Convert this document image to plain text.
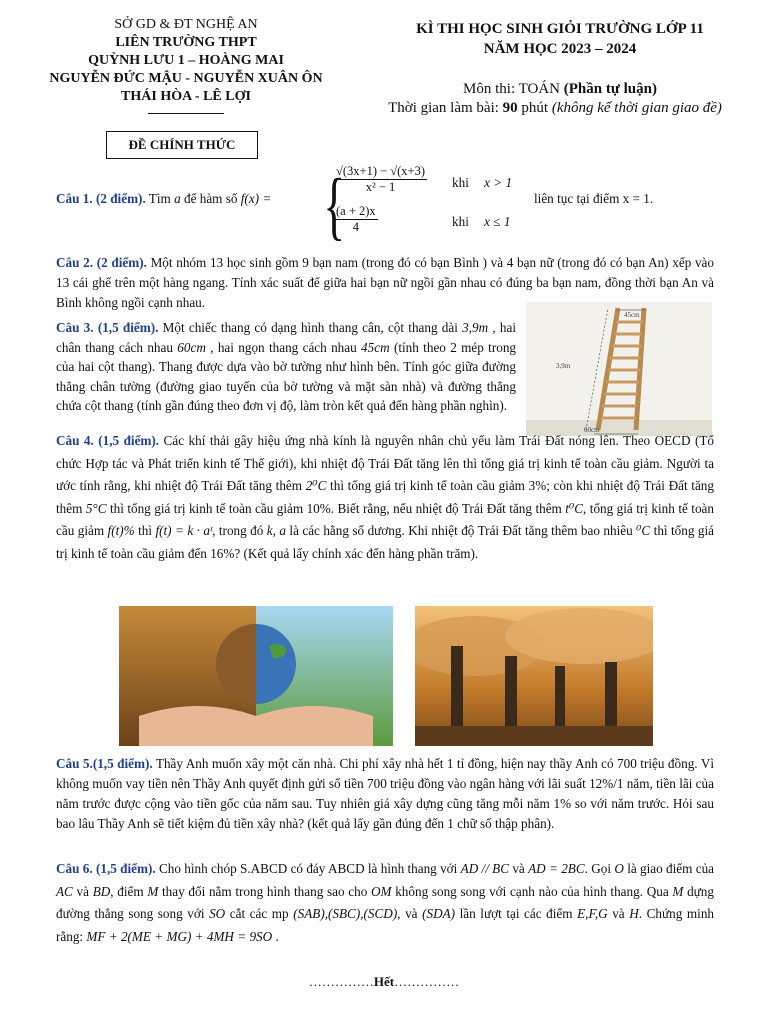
SỞ GD & ĐT NGHỆ AN
LIÊN TRƯỜNG THPT
QUỲNH LƯU 1 – HOÀNG MAI
NGUYỄN ĐỨC MẬU - NGUYỄN XUÂN ÔN
THÁI HÒA - LÊ LỢI
KÌ THI HỌC SINH GIỎI TRƯỜNG LỚP 11
NĂM HỌC 2023 – 2024
Môn thi: TOÁN (Phần tự luận)
Thời gian làm bài: 90 phút (không kể thời gian giao đề)
ĐỀ CHÍNH THỨC
Câu 1. (2 điểm). Tìm a để hàm số f(x) = {
$\frac{√(3x+1) - √(x+3)}{\text{x² − 1}}$ khi x > 1
$\frac{(a + 2)x}{4}$	khi x ≤ 1
liên tục tại điểm x = 1.
Câu 2. (2 điểm). Một nhóm 13 học sinh gồm 9 bạn nam (trong đó có bạn Bình ) và 4 bạn nữ (trong đó có bạn An) xếp vào 13 cái ghế trên một hàng ngang. Tính xác suất để giữa hai bạn nữ ngồi gần nhau có đúng ba bạn nam, đồng thời bạn An và Bình không ngồi cạnh nhau.
Câu 3. (1,5 điểm). Một chiếc thang có dạng hình thang cân, cột thang dài 3,9m , hai chân thang cách nhau 60cm , hai ngọn thang cách nhau 45cm (tính theo 2 mép trong của hai cột thang). Thang được dựa vào bờ tường như hình bên. Tính góc giữa đường thẳng chân tường (đường giao tuyến của bờ tường và mặt sàn nhà) và đường thẳng chứa cột thang (tính gần đúng theo đơn vị độ, làm tròn kết quả đến hàng phần nghìn).
45cm
3,9m
60cm
Câu 4. (1,5 điểm). Các khí thải gây hiệu ứng nhà kính là nguyên nhân chủ yếu làm Trái Đất nóng lên. Theo OECD (Tổ chức Hợp tác và Phát triển kinh tế Thế giới), khi nhiệt độ Trái Đất tăng lên thì tổng giá trị kinh tế toàn cầu giảm. Người ta ước tính rằng, khi nhiệt độ Trái Đất tăng thêm 2⁰C thì tổng giá trị kinh tế toàn cầu giảm 3%; còn khi nhiệt độ Trái Đất tăng thêm 5°C thì tổng giá trị kinh tế toàn cầu giảm 10%. Biết rằng, nếu nhiệt độ Trái Đất tăng thêm t⁰C, tổng giá trị kinh tế toàn cầu giảm f(t)% thì f(t) = k · aᵗ, trong đó k, a là các hằng số dương. Khi nhiệt độ Trái Đất tăng thêm bao nhiêu ⁰C thì tổng giá trị kinh tế toàn cầu giảm đến 16%? (Kết quả lấy chính xác đến hàng phần trăm).
Câu 5.(1,5 điểm). Thầy Anh muốn xây một căn nhà. Chi phí xây nhà hết 1 tỉ đồng, hiện nay thầy Anh có 700 triệu đồng. Vì không muốn vay tiền nên Thầy Anh quyết định gửi số tiền 700 triệu đồng vào ngân hàng với lãi suất 12%/1 năm, tiền lãi của năm trước được cộng vào tiền gốc của năm sau. Tuy nhiên giá xây dựng cũng tăng mỗi năm 1% so với năm trước. Hỏi sau bao lâu Thầy Anh sẽ tiết kiệm đủ tiền xây nhà? (kết quả lấy gần đúng đến 1 chữ số thập phân).
Câu 6. (1,5 điểm). Cho hình chóp S.ABCD có đáy ABCD là hình thang với AD // BC và AD = 2BC. Gọi O là giao điểm của AC và BD, điểm M thay đổi nằm trong hình thang sao cho OM không song song với cạnh nào của hình thang. Qua M dựng đường thẳng song song với SO cắt các mp (SAB),(SBC),(SCD), và (SDA) lần lượt tại các điểm E,F,G và H. Chứng minh rằng: MF + 2(ME + MG) + 4MH = 9SO .
……………Hết……………
